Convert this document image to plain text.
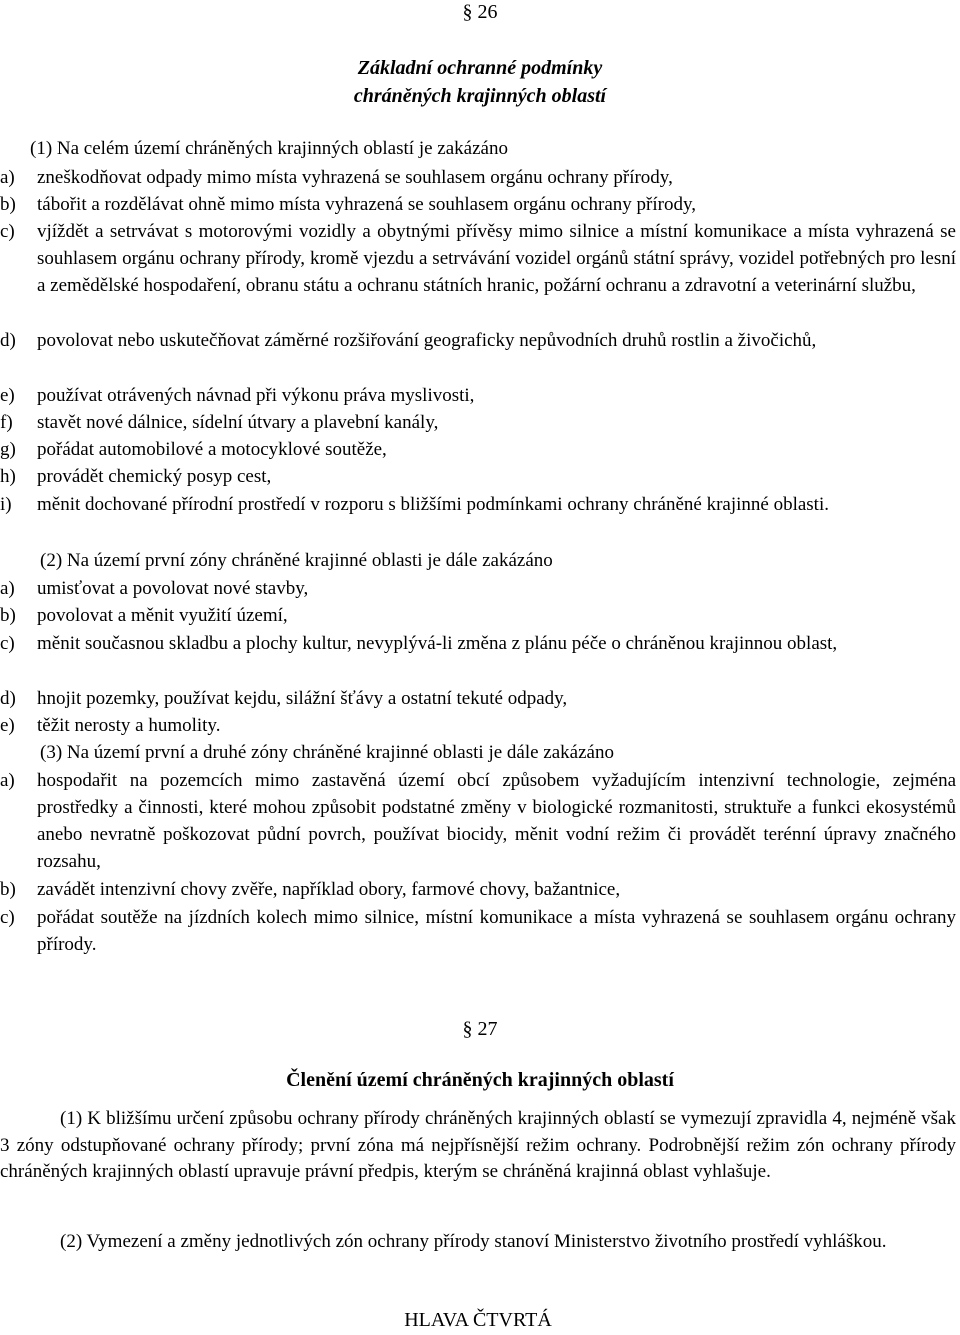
§ 26
Základní ochranné podmínky
chráněných krajinných oblastí
(1) Na celém území chráněných krajinných oblastí je zakázáno
a) zneškodňovat odpady mimo místa vyhrazená se souhlasem orgánu ochrany přírody,
b) tábořit a rozdělávat ohně mimo místa vyhrazená se souhlasem orgánu ochrany přírody,
c) vjíždět a setrvávat s motorovými vozidly a obytnými přívěsy mimo silnice a místní komunikace a místa vyhrazená se souhlasem orgánu ochrany přírody, kromě vjezdu a setrvávání vozidel orgánů státní správy, vozidel potřebných pro lesní a zemědělské hospodaření, obranu státu a ochranu státních hranic, požární ochranu a zdravotní a veterinární službu,
d) povolovat nebo uskutečňovat záměrné rozšiřování geograficky nepůvodních druhů rostlin a živočichů,
e) používat otrávených návnad při výkonu práva myslivosti,
f) stavět nové dálnice, sídelní útvary a plavební kanály,
g) pořádat automobilové a motocyklové soutěže,
h) provádět chemický posyp cest,
i) měnit dochované přírodní prostředí v rozporu s bližšími podmínkami ochrany chráněné krajinné oblasti.
(2) Na území první zóny chráněné krajinné oblasti je dále zakázáno
a) umisťovat a povolovat nové stavby,
b) povolovat a měnit využití území,
c) měnit současnou skladbu a plochy kultur, nevyplývá-li změna z plánu péče o chráněnou krajinnou oblast,
d) hnojit pozemky, používat kejdu, silážní šťávy a ostatní tekuté odpady,
e) těžit nerosty a humolity.
(3) Na území první a druhé zóny chráněné krajinné oblasti je dále zakázáno
a) hospodařit na pozemcích mimo zastavěná území obcí způsobem vyžadujícím intenzivní technologie, zejména prostředky a činnosti, které mohou způsobit podstatné změny v biologické rozmanitosti, struktuře a funkci ekosystémů anebo nevratně poškozovat půdní povrch, používat biocidy, měnit vodní režim či provádět terénní úpravy značného rozsahu,
b) zavádět intenzivní chovy zvěře, například obory, farmové chovy, bažantnice,
c) pořádat soutěže na jízdních kolech mimo silnice, místní komunikace a místa vyhrazená se souhlasem orgánu ochrany přírody.
§ 27
Členění území chráněných krajinných oblastí
(1) K bližšímu určení způsobu ochrany přírody chráněných krajinných oblastí se vymezují zpravidla 4, nejméně však 3 zóny odstupňované ochrany přírody; první zóna má nejpřísnější režim ochrany. Podrobnější režim zón ochrany přírody chráněných krajinných oblastí upravuje právní předpis, kterým se chráněná krajinná oblast vyhlašuje.
(2) Vymezení a změny jednotlivých zón ochrany přírody stanoví Ministerstvo životního prostředí vyhláškou.
HLAVA ČTVRTÁ
